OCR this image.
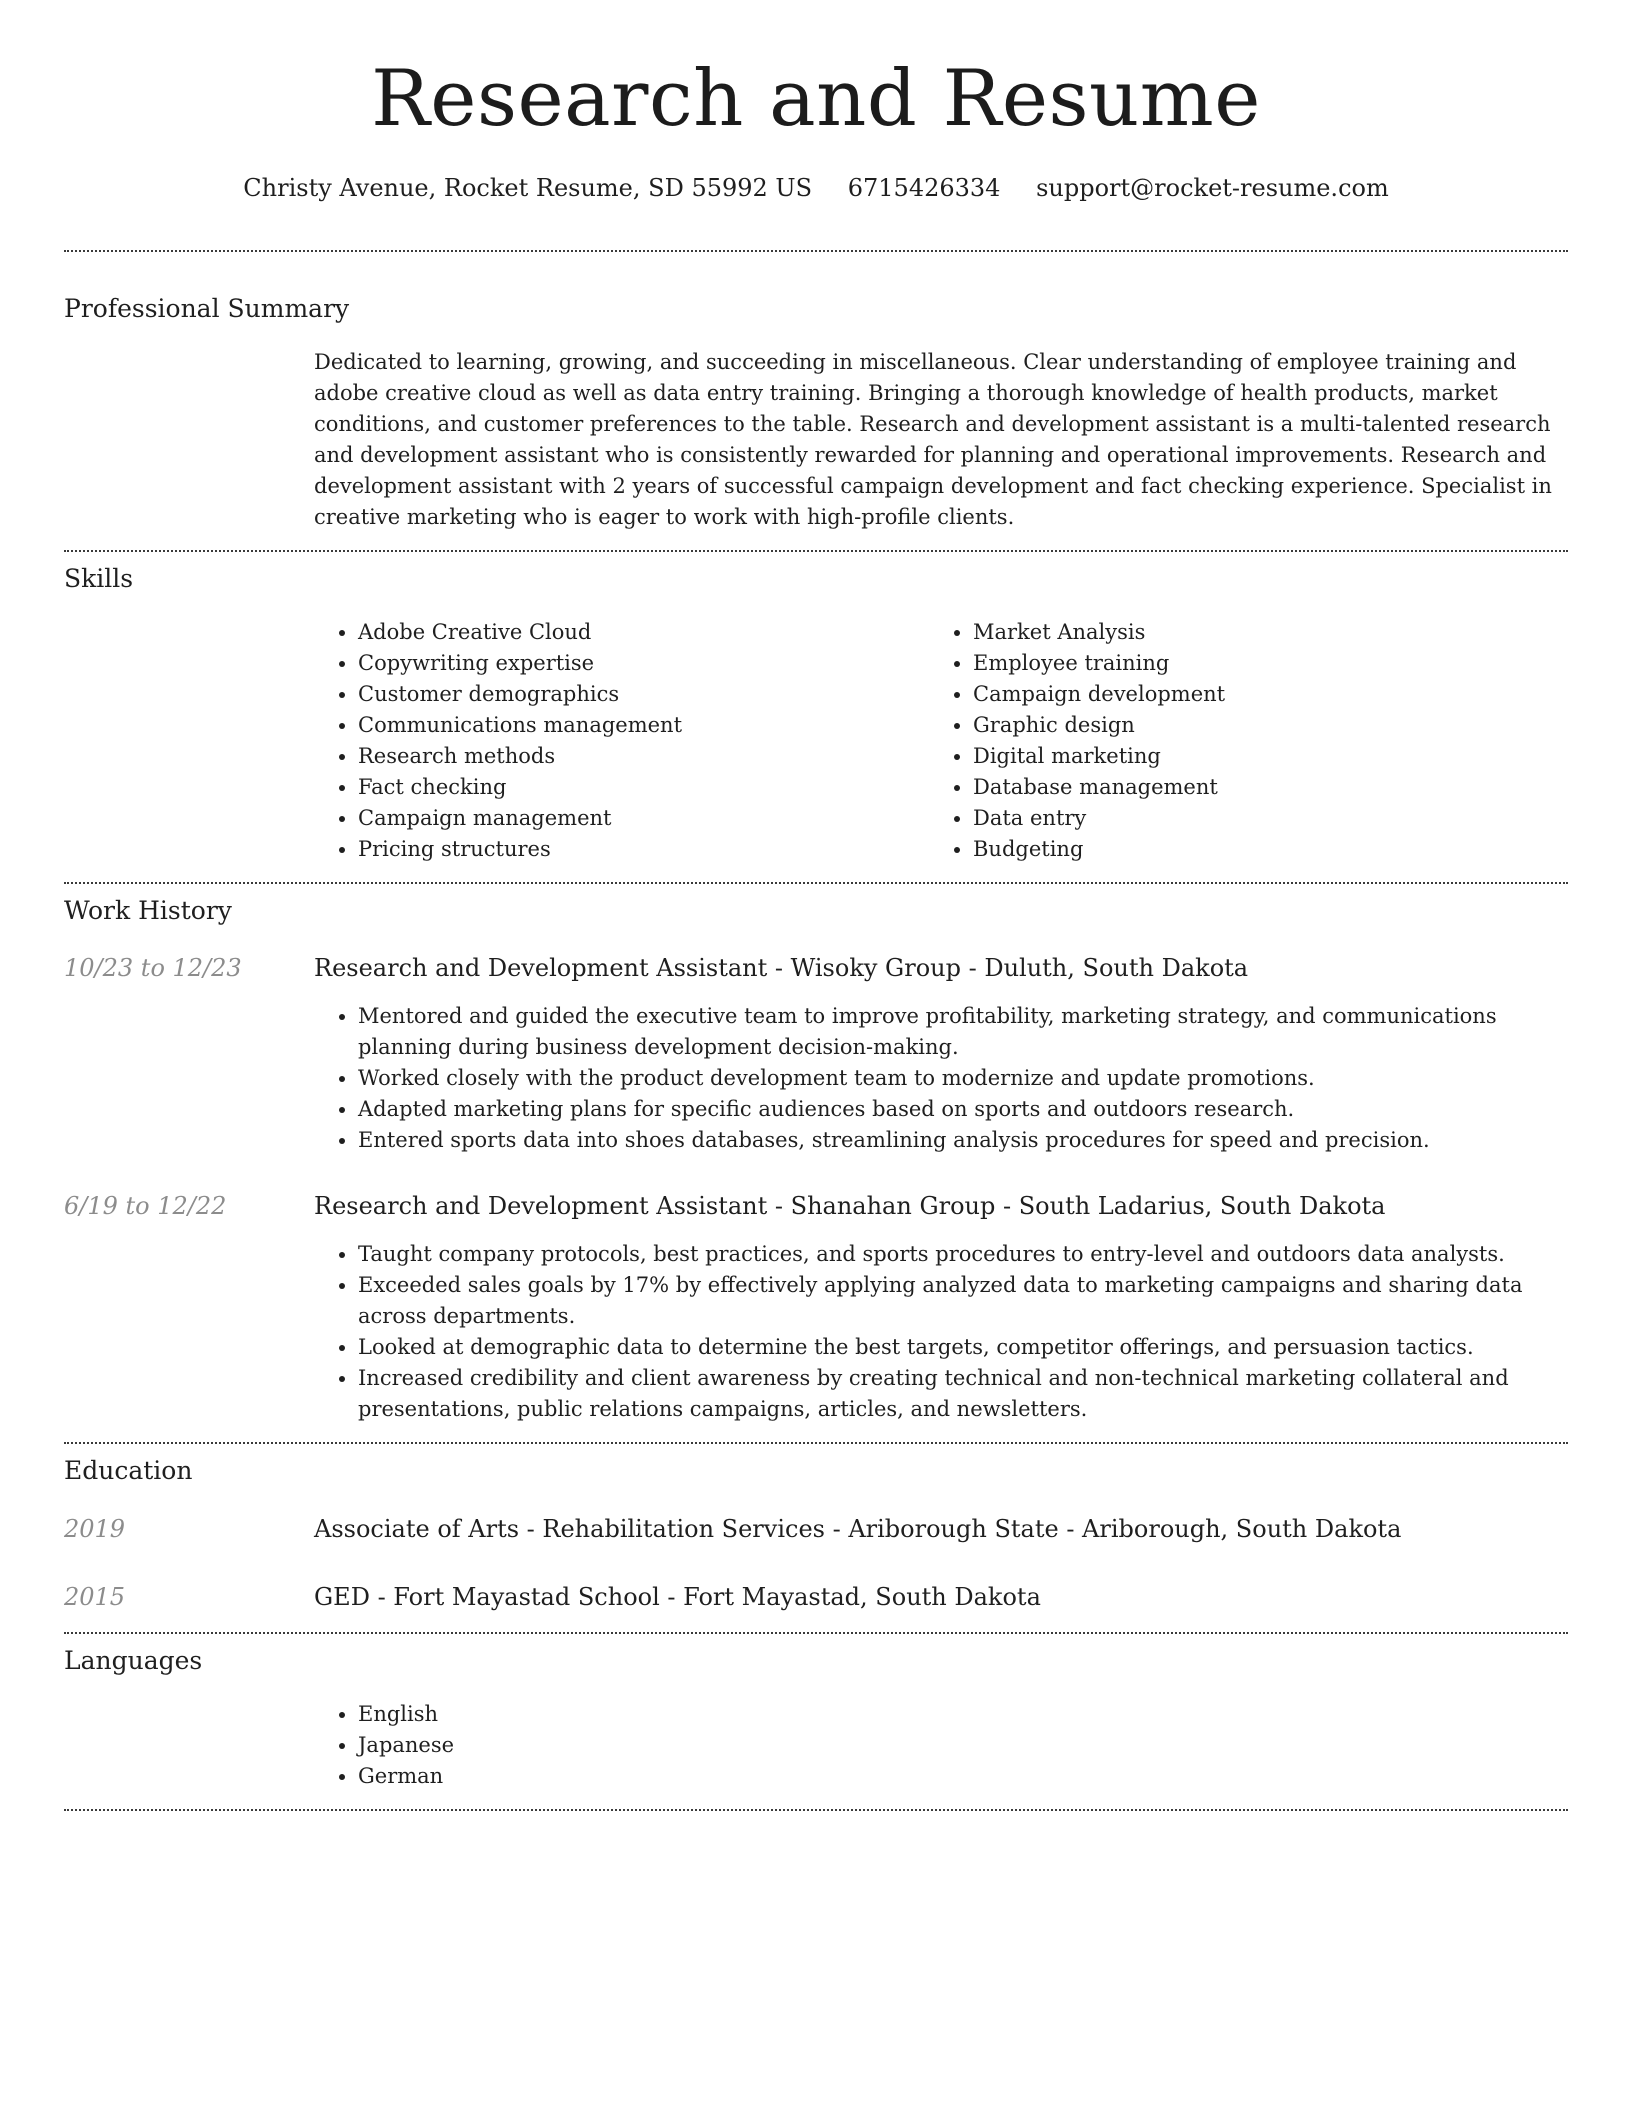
Research and Resume
Christy Avenue, Rocket Resume, SD 55992 US 6715426334 support@rocket-resume.com
Professional Summary

Dedicated to learning, growing, and succeeding in miscellaneous. Clear understanding of employee training and adobe creative cloud as well as data entry training. Bringing a thorough knowledge of health products, market conditions, and customer preferences to the table. Research and development assistant is a multi-talented research and development assistant who is consistently rewarded for planning and operational improvements. Research and development assistant with 2 years of successful campaign development and fact checking experience. Specialist in creative marketing who is eager to work with high-profile clients.

Skills
• Adobe Creative Cloud
• Copywriting expertise
• Customer demographics
• Communications management
• Research methods
• Fact checking
• Campaign management
• Pricing structures
• Market Analysis
• Employee training
• Campaign development
• Graphic design
• Digital marketing
• Database management
• Data entry
• Budgeting
Work History
10/23 to 12/23	Research and Development Assistant - Wisoky Group - Duluth, South Dakota
• Mentored and guided the executive team to improve profitability, marketing strategy, and communications planning during business development decision-making.
• Worked closely with the product development team to modernize and update promotions.
• Adapted marketing plans for specific audiences based on sports and outdoors research.
• Entered sports data into shoes databases, streamlining analysis procedures for speed and precision.
6/19 to 12/22	Research and Development Assistant - Shanahan Group - South Ladarius, South Dakota
• Taught company protocols, best practices, and sports procedures to entry-level and outdoors data analysts.
• Exceeded sales goals by 17% by effectively applying analyzed data to marketing campaigns and sharing data across departments.
• Looked at demographic data to determine the best targets, competitor offerings, and persuasion tactics.
• Increased credibility and client awareness by creating technical and non-technical marketing collateral and presentations, public relations campaigns, articles, and newsletters.
Education
2019	Associate of Arts - Rehabilitation Services - Ariborough State - Ariborough, South Dakota
2015	GED - Fort Mayastad School - Fort Mayastad, South Dakota
Languages
• English
• Japanese
• German
